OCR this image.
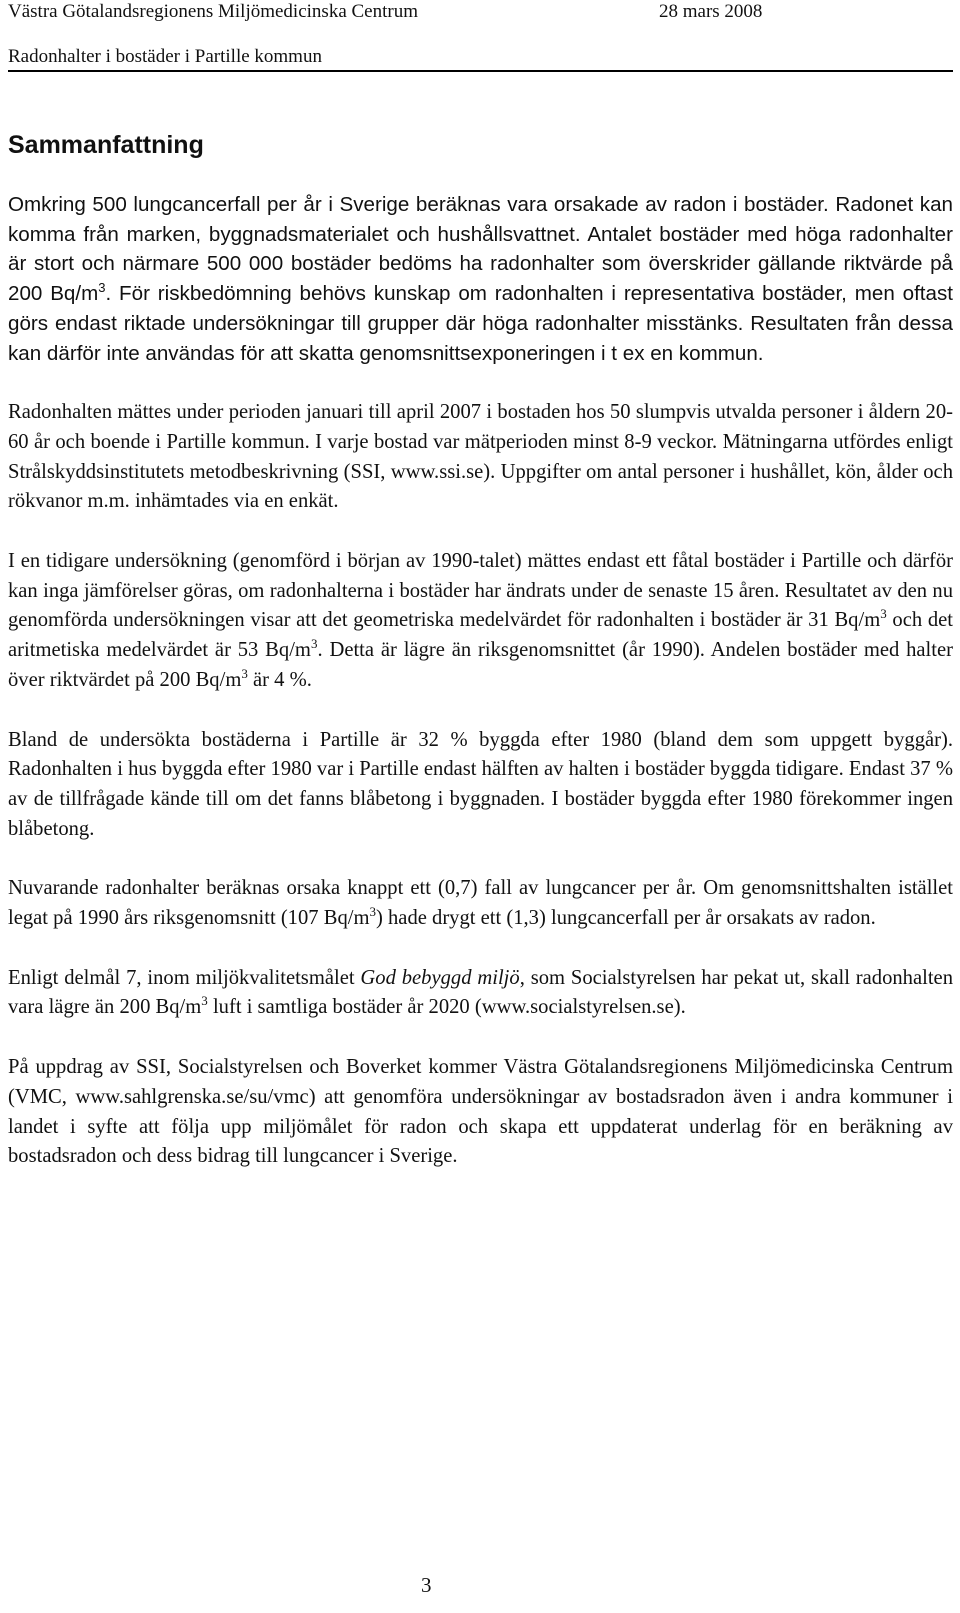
Västra Götalandsregionens Miljömedicinska Centrum	28 mars 2008
Radonhalter i bostäder i Partille kommun
Sammanfattning

Omkring 500 lungcancerfall per år i Sverige beräknas vara orsakade av radon i bostäder. Radonet kan komma från marken, byggnadsmaterialet och hushållsvattnet. Antalet bostäder med höga radonhalter är stort och närmare 500 000 bostäder bedöms ha radonhalter som överskrider gällande riktvärde på 200 $Bq/m^3$. För riskbedömning behövs kunskap om radonhalten i representativa bostäder, men oftast görs endast riktade undersökningar till grupper där höga radonhalter misstänks. Resultaten från dessa kan därför inte användas för att skatta genomsnittsexponeringen i t ex en kommun.

Radonhalten mättes under perioden januari till april 2007 i bostaden hos 50 slumpvis utvalda personer i åldern 20-60 år och boende i Partille kommun. I varje bostad var mätperioden minst 8-9 veckor. Mätningarna utfördes enligt Strålskyddsinstitutets metodbeskrivning (SSI, www.ssi.se). Uppgifter om antal personer i hushållet, kön, ålder och rökvanor m.m. inhämtades via en enkät.

I en tidigare undersökning (genomförd i början av 1990-talet) mättes endast ett fåtal bostäder i Partille och därför kan inga jämförelser göras, om radonhalterna i bostäder har ändrats under de senaste 15 åren. Resultatet av den nu genomförda undersökningen visar att det geometriska medelvärdet för radonhalten i bostäder är 31 $Bq/m^3$ och det aritmetiska medelvärdet är 53 $Bq/m^3$. Detta är lägre än riksgenomsnittet (år 1990). Andelen bostäder med halter över riktvärdet på 200 $Bq/m^3$ är 4 %.

Bland de undersökta bostäderna i Partille är 32 % byggda efter 1980 (bland dem som uppgett byggår). Radonhalten i hus byggda efter 1980 var i Partille endast hälften av halten i bostäder byggda tidigare. Endast 37 % av de tillfrågade kände till om det fanns blåbetong i byggnaden. I bostäder byggda efter 1980 förekommer ingen blåbetong.

Nuvarande radonhalter beräknas orsaka knappt ett (0,7) fall av lungcancer per år. Om genomsnittshalten istället legat på 1990 års riksgenomsnitt (107 $Bq/m^3$) hade drygt ett (1,3) lungcancerfall per år orsakats av radon.

Enligt delmål 7, inom miljökvalitetsmålet God bebyggd miljö, som Socialstyrelsen har pekat ut, skall radonhalten vara lägre än 200 $Bq/m^3$ luft i samtliga bostäder år 2020 (www.socialstyrelsen.se).

På uppdrag av SSI, Socialstyrelsen och Boverket kommer Västra Götalandsregionens Miljömedicinska Centrum (VMC, www.sahlgrenska.se/su/vmc) att genomföra undersökningar av bostadsradon även i andra kommuner i landet i syfte att följa upp miljömålet för radon och skapa ett uppdaterat underlag för en beräkning av bostadsradon och dess bidrag till lungcancer i Sverige.

3
